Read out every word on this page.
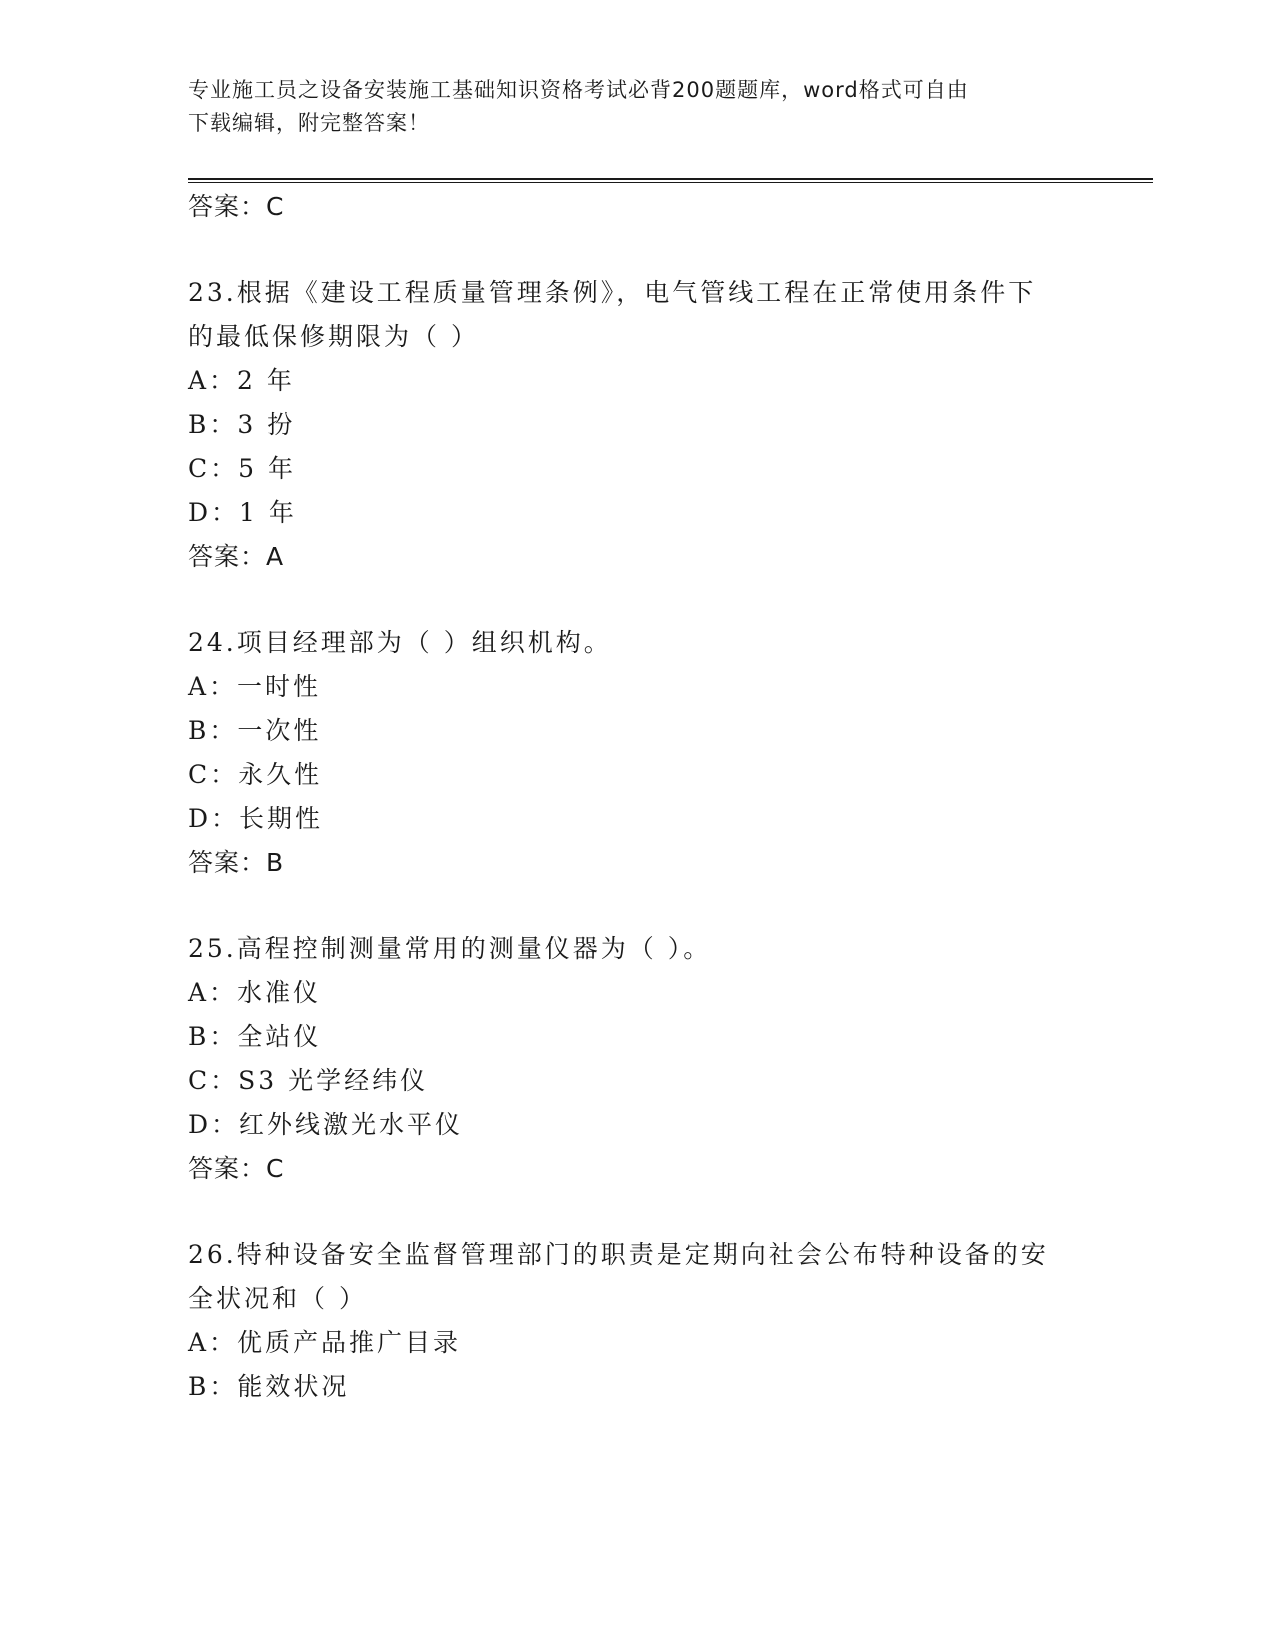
专业施工员之设备安装施工基础知识资格考试必背200题题库，word格式可自由
下载编辑，附完整答案！
答案：C
23.根据《建设工程质量管理条例》，电气管线工程在正常使用条件下
的最低保修期限为（ ）
A：2 年
B：3 扮
C：5 年
D：1 年
答案：A
24.项目经理部为（ ）组织机构。
A：一时性
B：一次性
C：永久性
D：长期性
答案：B
25.高程控制测量常用的测量仪器为（ ）。
A：水准仪
B：全站仪
C：S3 光学经纬仪
D：红外线激光水平仪
答案：C
26.特种设备安全监督管理部门的职责是定期向社会公布特种设备的安
全状况和（ ）
A：优质产品推广目录
B：能效状况
